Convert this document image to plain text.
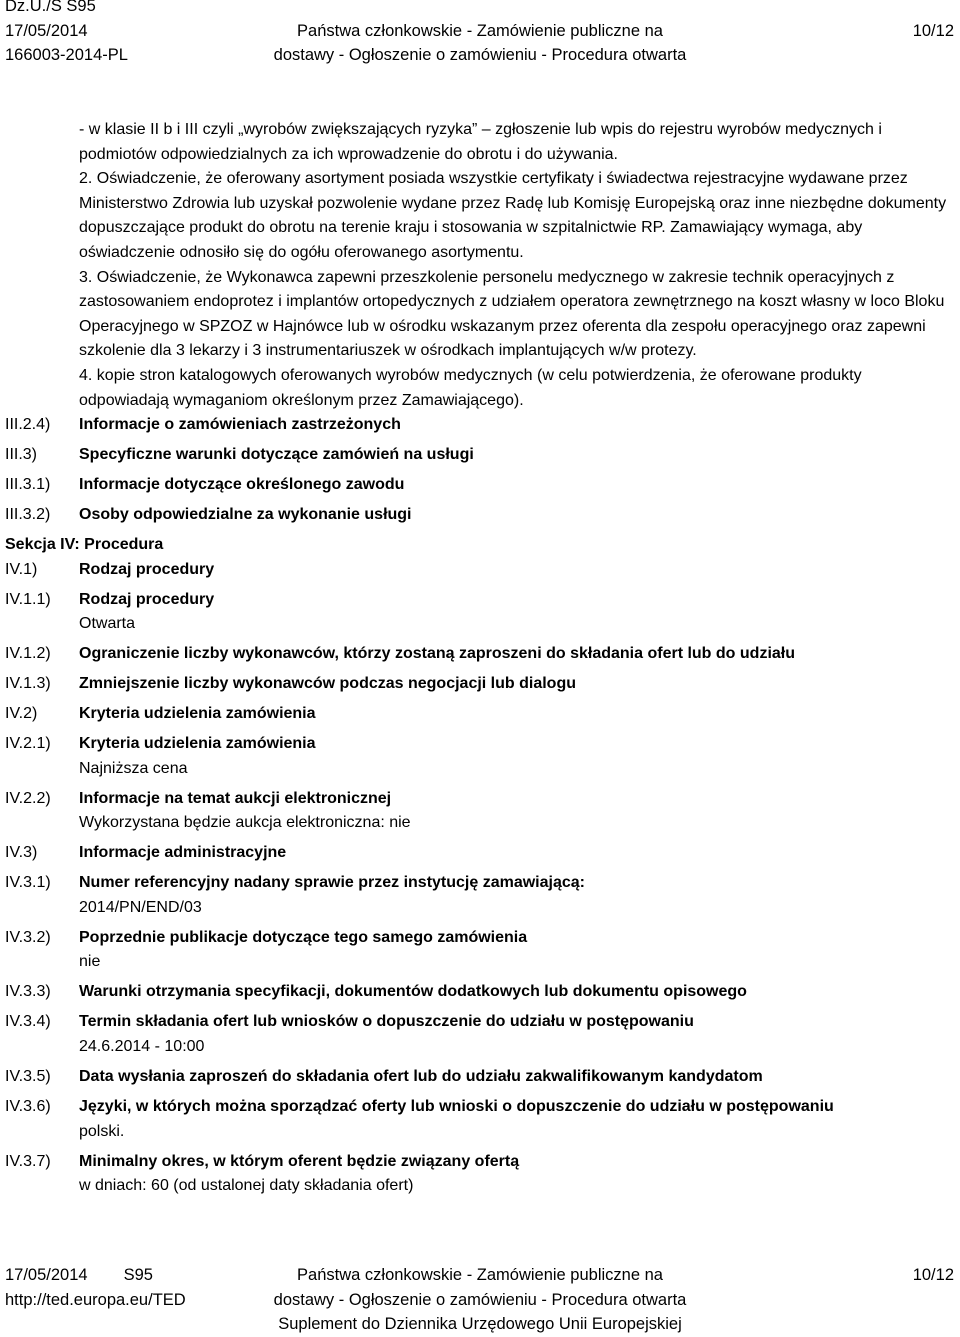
Dz.U./S S95
17/05/2014
166003-2014-PL
Państwa członkowskie - Zamówienie publiczne na
dostawy - Ogłoszenie o zamówieniu - Procedura otwarta
10/12
- w klasie II b i III czyli „wyrobów zwiększających ryzyka” – zgłoszenie lub wpis do rejestru wyrobów medycznych i podmiotów odpowiedzialnych za ich wprowadzenie do obrotu i do używania.
2. Oświadczenie, że oferowany asortyment posiada wszystkie certyfikaty i świadectwa rejestracyjne wydawane przez Ministerstwo Zdrowia lub uzyskał pozwolenie wydane przez Radę lub Komisję Europejską oraz inne niezbędne dokumenty dopuszczające produkt do obrotu na terenie kraju i stosowania w szpitalnictwie RP. Zamawiający wymaga, aby oświadczenie odnosiło się do ogółu oferowanego asortymentu.
3. Oświadczenie, że Wykonawca zapewni przeszkolenie personelu medycznego w zakresie technik operacyjnych z zastosowaniem endoprotez i implantów ortopedycznych z udziałem operatora zewnętrznego na koszt własny w loco Bloku Operacyjnego w SPZOZ w Hajnówce lub w ośrodku wskazanym przez oferenta dla zespołu operacyjnego oraz zapewni szkolenie dla 3 lekarzy i 3 instrumentariuszek w ośrodkach implantujących w/w protezy.
4. kopie stron katalogowych oferowanych wyrobów medycznych (w celu potwierdzenia, że oferowane produkty odpowiadają wymaganiom określonym przez Zamawiającego).
III.2.4)	Informacje o zamówieniach zastrzeżonych
III.3)	Specyficzne warunki dotyczące zamówień na usługi
III.3.1)	Informacje dotyczące określonego zawodu
III.3.2)	Osoby odpowiedzialne za wykonanie usługi
Sekcja IV: Procedura
IV.1)	Rodzaj procedury
IV.1.1)	Rodzaj procedury
Otwarta
IV.1.2)	Ograniczenie liczby wykonawców, którzy zostaną zaproszeni do składania ofert lub do udziału
IV.1.3)	Zmniejszenie liczby wykonawców podczas negocjacji lub dialogu
IV.2)	Kryteria udzielenia zamówienia
IV.2.1)	Kryteria udzielenia zamówienia
Najniższa cena
IV.2.2)	Informacje na temat aukcji elektronicznej
Wykorzystana będzie aukcja elektroniczna: nie
IV.3)	Informacje administracyjne
IV.3.1)	Numer referencyjny nadany sprawie przez instytucję zamawiającą:
2014/PN/END/03
IV.3.2)	Poprzednie publikacje dotyczące tego samego zamówienia
nie
IV.3.3)	Warunki otrzymania specyfikacji, dokumentów dodatkowych lub dokumentu opisowego
IV.3.4)	Termin składania ofert lub wniosków o dopuszczenie do udziału w postępowaniu
24.6.2014 - 10:00
IV.3.5)	Data wysłania zaproszeń do składania ofert lub do udziału zakwalifikowanym kandydatom
IV.3.6)	Języki, w których można sporządzać oferty lub wnioski o dopuszczenie do udziału w postępowaniu
polski.
IV.3.7)	Minimalny okres, w którym oferent będzie związany ofertą
w dniach: 60 (od ustalonej daty składania ofert)
17/05/2014 S95
http://ted.europa.eu/TED
Państwa członkowskie - Zamówienie publiczne na
dostawy - Ogłoszenie o zamówieniu - Procedura otwarta
Suplement do Dziennika Urzędowego Unii Europejskiej
10/12
